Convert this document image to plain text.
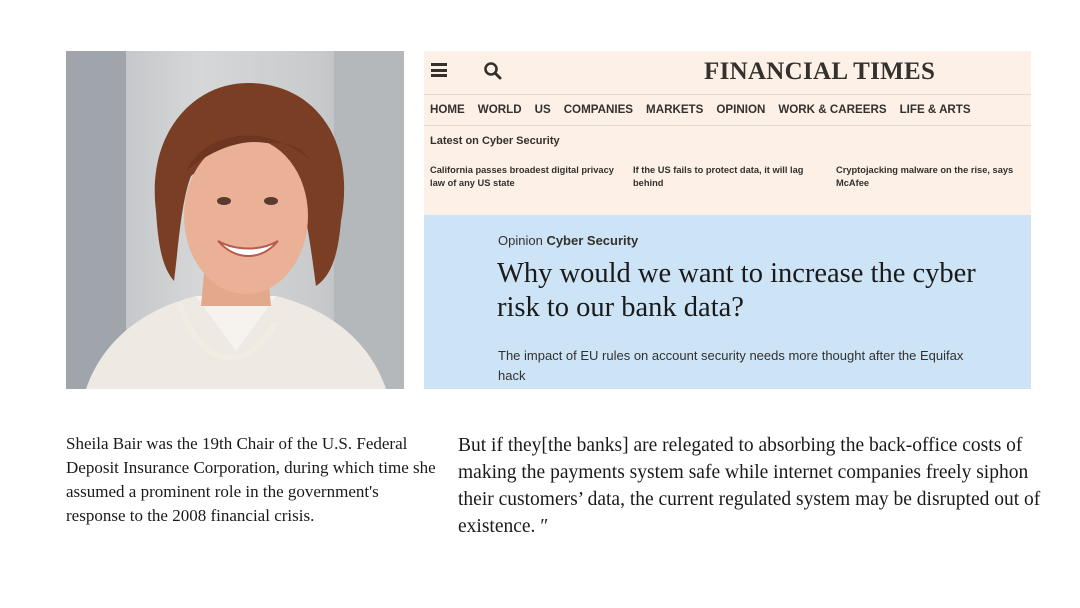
FINANCIAL TIMES
HOME WORLD US COMPANIES MARKETS OPINION WORK & CAREERS LIFE & ARTS
Latest on Cyber Security
California passes broadest digital privacy law of any US state
If the US fails to protect data, it will lag behind
Cryptojacking malware on the rise, says McAfee
Opinion Cyber Security
Why would we want to increase the cyber risk to our bank data?
The impact of EU rules on account security needs more thought after the Equifax hack
Sheila Bair was the 19th Chair of the U.S. Federal Deposit Insurance Corporation, during which time she assumed a prominent role in the government's response to the 2008 financial crisis.
But if they[the banks] are relegated to absorbing the back-office costs of making the payments system safe while internet companies freely siphon their customers’ data, the current regulated system may be disrupted out of existence. ″
